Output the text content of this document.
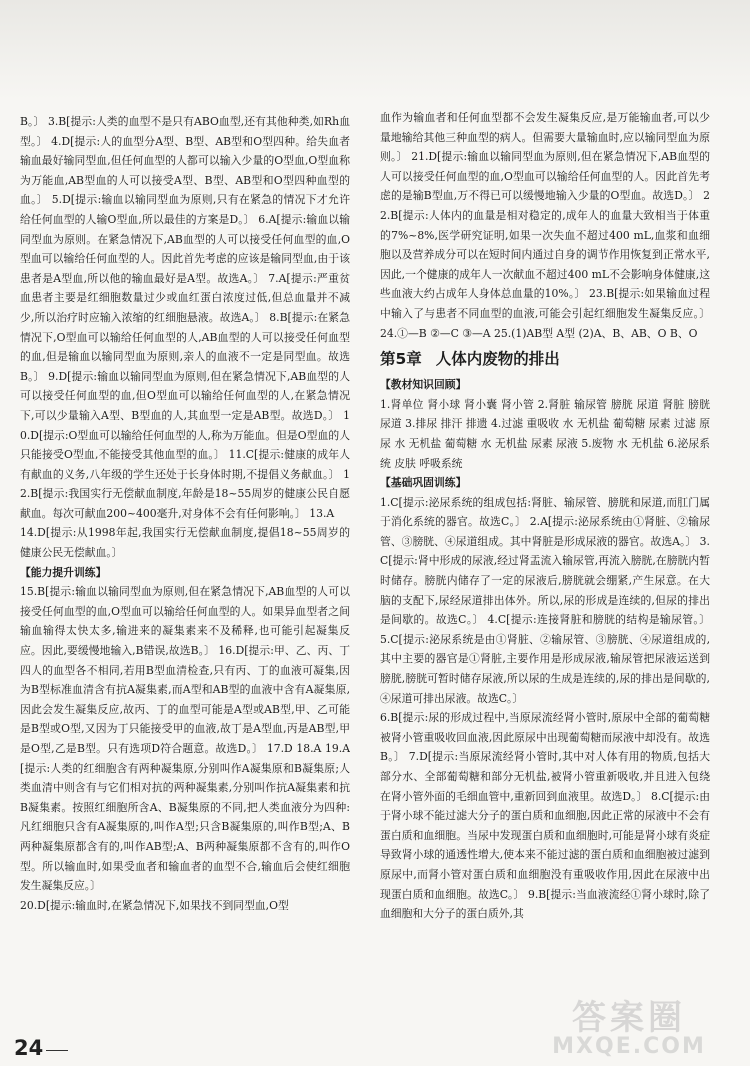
B。〕 3.B[提示:人类的血型不是只有ABO血型,还有其他种类,如Rh血型。〕 4.D[提示:人的血型分A型、B型、AB型和O型四种。给失血者输血最好输同型血,但任何血型的人都可以输入少量的O型血,O型血称为万能血,AB型血的人可以接受A型、B型、AB型和O型四种血型的血。〕 5.D[提示:输血以输同型血为原则,只有在紧急的情况下才允许给任何血型的人输O型血,所以最佳的方案是D。〕 6.A[提示:输血以输同型血为原则。在紧急情况下,AB血型的人可以接受任何血型的血,O型血可以输给任何血型的人。因此首先考虑的应该是输同型血,由于该患者是A型血,所以他的输血最好是A型。故选A。〕 7.A[提示:严重贫血患者主要是红细胞数量过少或血红蛋白浓度过低,但总血量并不减少,所以治疗时应输入浓缩的红细胞悬液。故选A。〕 8.B[提示:在紧急情况下,O型血可以输给任何血型的人,AB血型的人可以接受任何血型的血,但是输血以输同型血为原则,亲人的血液不一定是同型血。故选B。〕 9.D[提示:输血以输同型血为原则,但在紧急情况下,AB血型的人可以接受任何血型的血,但O型血可以输给任何血型的人,在紧急情况下,可以少量输入A型、B型血的人,其血型一定是AB型。故选D。〕 10.D[提示:O型血可以输给任何血型的人,称为万能血。但是O型血的人只能接受O型血,不能接受其他血型的血。〕 11.C[提示:健康的成年人有献血的义务,八年级的学生还处于长身体时期,不提倡义务献血。〕 12.B[提示:我国实行无偿献血制度,年龄是18~55周岁的健康公民自愿献血。每次可献血200~400毫升,对身体不会有任何影响。〕 13.A

14.D[提示:从1998年起,我国实行无偿献血制度,提倡18~55周岁的健康公民无偿献血。〕

【能力提升训练】

15.B[提示:输血以输同型血为原则,但在紧急情况下,AB血型的人可以接受任何血型的血,O型血可以输给任何血型的人。如果异血型者之间输血输得太快太多,输进来的凝集素来不及稀释,也可能引起凝集反应。因此,要缓慢地输入,B错误,故选B。〕 16.D[提示:甲、乙、丙、丁四人的血型各不相同,若用B型血清检查,只有丙、丁的血液可凝集,因为B型标准血清含有抗A凝集素,而A型和AB型的血液中含有A凝集原,因此会发生凝集反应,故丙、丁的血型可能是A型或AB型,甲、乙可能是B型或O型,又因为丁只能接受甲的血液,故丁是A型血,丙是AB型,甲是O型,乙是B型。只有选项D符合题意。故选D。〕 17.D 18.A 19.A[提示:人类的红细胞含有两种凝集原,分别叫作A凝集原和B凝集原;人类血清中则含有与它们相对抗的两种凝集素,分别叫作抗A凝集素和抗B凝集素。按照红细胞所含A、B凝集原的不同,把人类血液分为四种:凡红细胞只含有A凝集原的,叫作A型;只含B凝集原的,叫作B型;A、B两种凝集原都含有的,叫作AB型;A、B两种凝集原都不含有的,叫作O型。所以输血时,如果受血者和输血者的血型不合,输血后会使红细胞发生凝集反应。〕

20.D[提示:输血时,在紧急情况下,如果找不到同型血,O型

血作为输血者和任何血型都不会发生凝集反应,是万能输血者,可以少量地输给其他三种血型的病人。但需要大量输血时,应以输同型血为原则。〕 21.D[提示:输血以输同型血为原则,但在紧急情况下,AB血型的人可以接受任何血型的血,O型血可以输给任何血型的人。因此首先考虑的是输B型血,万不得已可以缓慢地输入少量的O型血。故选D。〕 22.B[提示:人体内的血量是相对稳定的,成年人的血量大致相当于体重的7%~8%,医学研究证明,如果一次失血不超过400 mL,血浆和血细胞以及营养成分可以在短时间内通过自身的调节作用恢复到正常水平,因此,一个健康的成年人一次献血不超过400 mL不会影响身体健康,这些血液大约占成年人身体总血量的10%。〕 23.B[提示:如果输血过程中输入了与患者不同血型的血液,可能会引起红细胞发生凝集反应。〕 24.①—B ②—C ③—A 25.(1)AB型 A型 (2)A、B、AB、O B、O

第5章 人体内废物的排出

【教材知识回顾】

1.肾单位 肾小球 肾小囊 肾小管 2.肾脏 输尿管 膀胱 尿道 肾脏 膀胱 尿道 3.排尿 排汗 排遗 4.过滤 重吸收 水 无机盐 葡萄糖 尿素 过滤 原尿 水 无机盐 葡萄糖 水 无机盐 尿素 尿液 5.废物 水 无机盐 6.泌尿系统 皮肤 呼吸系统

【基础巩固训练】

1.C[提示:泌尿系统的组成包括:肾脏、输尿管、膀胱和尿道,而肛门属于消化系统的器官。故选C。〕 2.A[提示:泌尿系统由①肾脏、②输尿管、③膀胱、④尿道组成。其中肾脏是形成尿液的器官。故选A。〕 3.C[提示:肾中形成的尿液,经过肾盂流入输尿管,再流入膀胱,在膀胱内暂时储存。膀胱内储存了一定的尿液后,膀胱就会绷紧,产生尿意。在大脑的支配下,尿经尿道排出体外。所以,尿的形成是连续的,但尿的排出是间歇的。故选C。〕 4.C[提示:连接肾脏和膀胱的结构是输尿管。〕 5.C[提示:泌尿系统是由①肾脏、②输尿管、③膀胱、④尿道组成的,其中主要的器官是①肾脏,主要作用是形成尿液,输尿管把尿液运送到膀胱,膀胱可暂时储存尿液,所以尿的生成是连续的,尿的排出是间歇的,④尿道可排出尿液。故选C。〕

6.B[提示:尿的形成过程中,当原尿流经肾小管时,原尿中全部的葡萄糖被肾小管重吸收回血液,因此原尿中出现葡萄糖而尿液中却没有。故选B。〕 7.D[提示:当原尿流经肾小管时,其中对人体有用的物质,包括大部分水、全部葡萄糖和部分无机盐,被肾小管重新吸收,并且进入包绕在肾小管外面的毛细血管中,重新回到血液里。故选D。〕 8.C[提示:由于肾小球不能过滤大分子的蛋白质和血细胞,因此正常的尿液中不会有蛋白质和血细胞。当尿中发现蛋白质和血细胞时,可能是肾小球有炎症导致肾小球的通透性增大,使本来不能过滤的蛋白质和血细胞被过滤到原尿中,而肾小管对蛋白质和血细胞没有重吸收作用,因此在尿液中出现蛋白质和血细胞。故选C。〕 9.B[提示:当血液流经①肾小球时,除了血细胞和大分子的蛋白质外,其

24
答案圈
MXQE.COM
